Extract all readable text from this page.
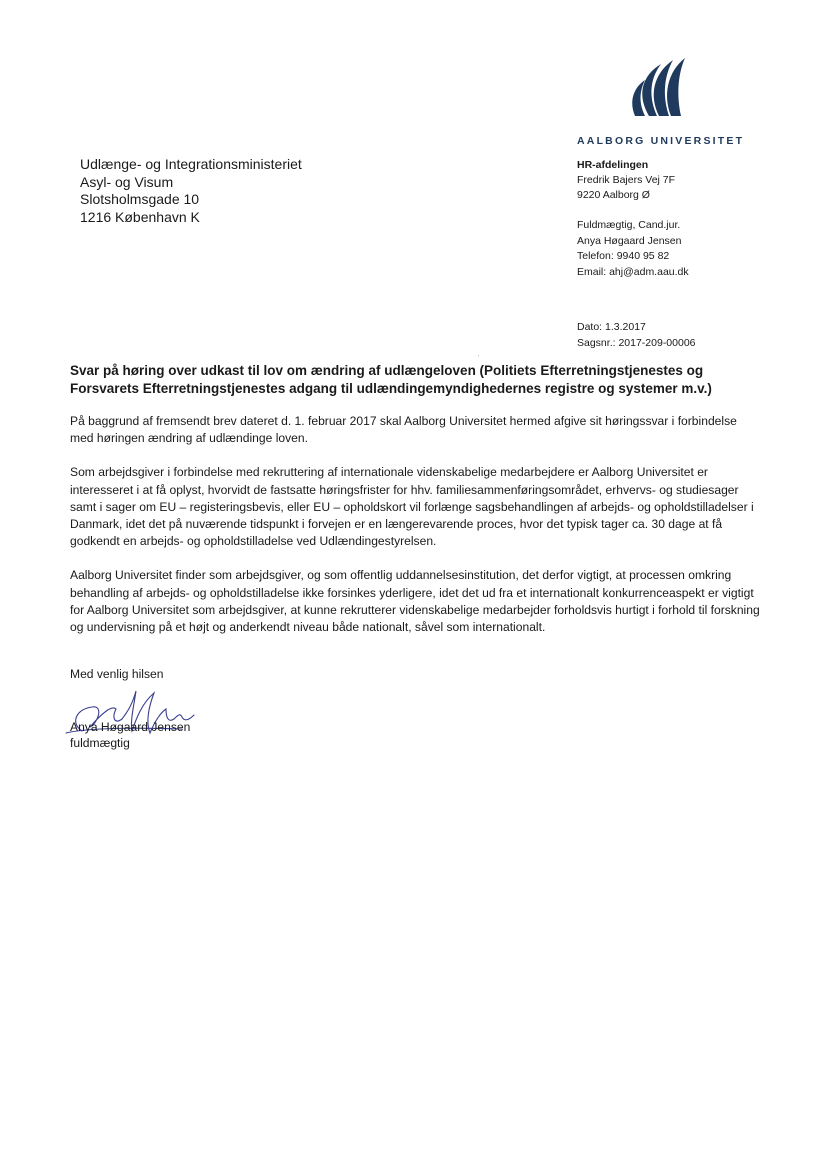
AALBORG UNIVERSITET
Udlænge- og Integrationsministeriet
Asyl- og Visum
Slotsholmsgade 10
1216 København K
HR-afdelingen
Fredrik Bajers Vej 7F
9220 Aalborg Ø
Fuldmægtig, Cand.jur.
Anya Høgaard Jensen
Telefon: 9940 95 82
Email: ahj@adm.aau.dk
Dato: 1.3.2017
Sagsnr.: 2017-209-00006
Svar på høring over udkast til lov om ændring af udlængeloven (Politiets Efterretningstjenestes og Forsvarets Efterretningstjenestes adgang til udlændingemyndighedernes registre og systemer m.v.)

På baggrund af fremsendt brev dateret d. 1. februar 2017 skal Aalborg Universitet hermed afgive sit høringssvar i forbindelse med høringen ændring af udlændinge loven.

Som arbejdsgiver i forbindelse med rekruttering af internationale videnskabelige medarbejdere er Aalborg Universitet er interesseret i at få oplyst, hvorvidt de fastsatte høringsfrister for hhv. familiesammenføringsområdet, erhvervs- og studiesager samt i sager om EU – registeringsbevis, eller EU – opholdskort vil forlænge sagsbehandlingen af arbejds- og opholdstilladelser i Danmark, idet det på nuværende tidspunkt i forvejen er en længerevarende proces, hvor det typisk tager ca. 30 dage at få godkendt en arbejds- og opholdstilladelse ved Udlændingestyrelsen.

Aalborg Universitet finder som arbejdsgiver, og som offentlig uddannelsesinstitution, det derfor vigtigt, at processen omkring behandling af arbejds- og opholdstilladelse ikke forsinkes yderligere, idet det ud fra et internationalt konkurrenceaspekt er vigtigt for Aalborg Universitet som arbejdsgiver, at kunne rekrutterer videnskabelige medarbejder forholdsvis hurtigt i forhold til forskning og undervisning på et højt og anderkendt niveau både nationalt, såvel som internationalt.

Med venlig hilsen
Anya Høgaard Jensen
fuldmægtig
